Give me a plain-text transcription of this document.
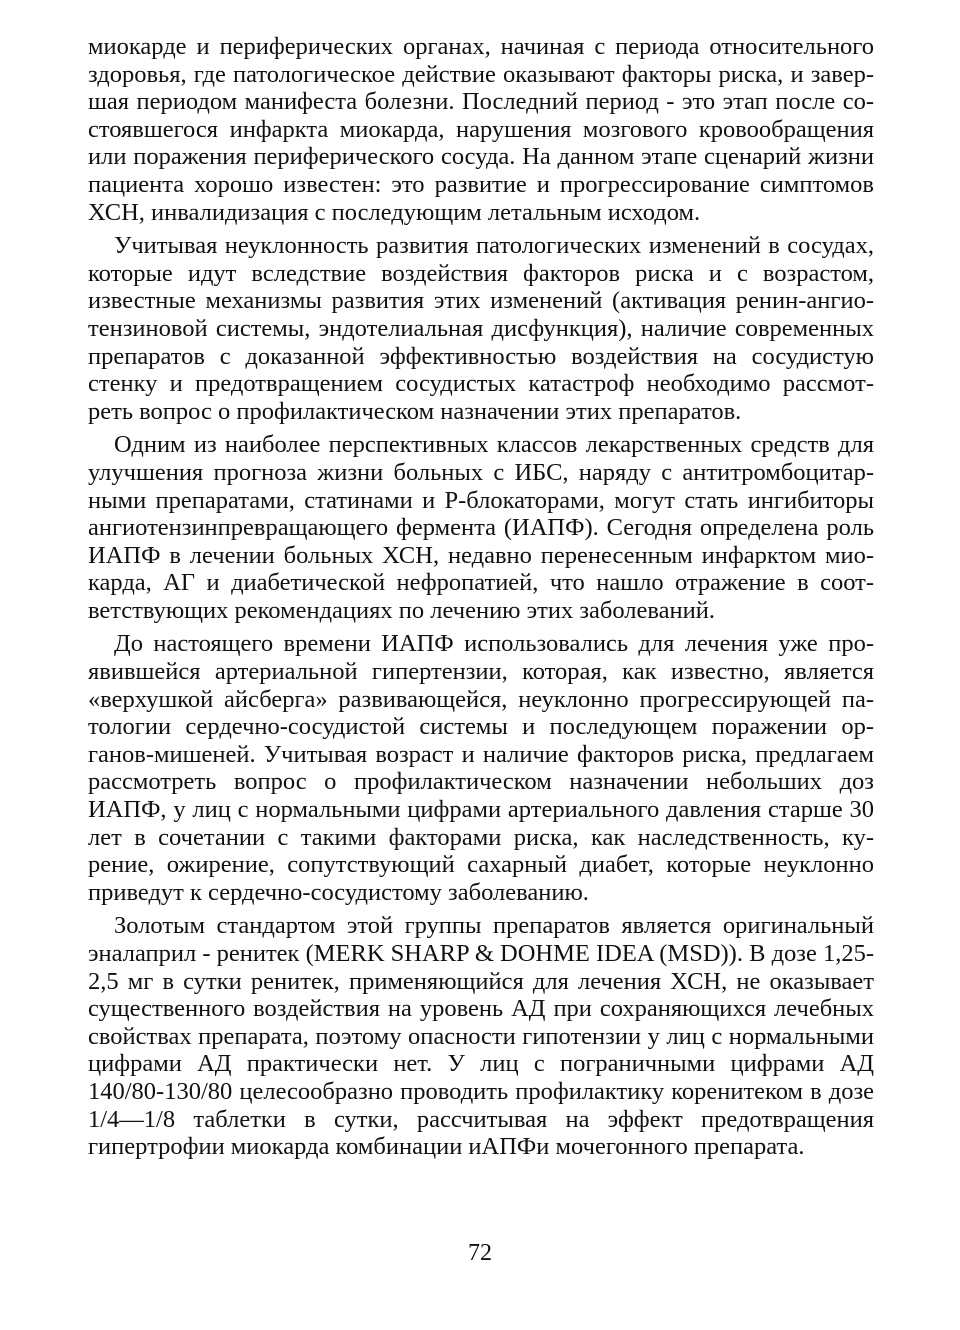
миокарде и периферических органах, начиная с периода относительного здоровья, где патологическое действие оказывают факторы риска, и завершая периодом манифеста болезни. Последний период - это этап после состоявшегося инфаркта миокарда, нарушения мозгового кровообращения или поражения периферического сосуда. На данном этапе сценарий жизни пациента хорошо известен: это развитие и прогрессирование симптомов ХСН, инвалидизация с последующим летальным исходом.

Учитывая неуклонность развития патологических изменений в сосудах, которые идут вследствие воздействия факторов риска и с возрастом, известные механизмы развития этих изменений (активация ренин-ангиотензиновой системы, эндотелиальная дисфункция), наличие современных препаратов с доказанной эффективностью воздействия на сосудистую стенку и предотвращением сосудистых катастроф необходимо рассмотреть вопрос о профилактическом назначении этих препаратов.

Одним из наиболее перспективных классов лекарственных средств для улучшения прогноза жизни больных с ИБС, наряду с антитромбоцитарными препаратами, статинами и Р-блокаторами, могут стать ингибиторы ангиотензинпревращающего фермента (ИАПФ). Сегодня определена роль ИАПФ в лечении больных ХСН, недавно перенесенным инфарктом миокарда, АГ и диабетической нефропатией, что нашло отражение в соответствующих рекомендациях по лечению этих заболеваний.

До настоящего времени ИАПФ использовались для лечения уже проявившейся артериальной гипертензии, которая, как известно, является «верхушкой айсберга» развивающейся, неуклонно прогрессирующей патологии сердечно-сосудистой системы и последующем поражении органов-мишеней. Учитывая возраст и наличие факторов риска, предлагаем рассмотреть вопрос о профилактическом назначении небольших доз ИАПФ, у лиц с нормальными цифрами артериального давления старше 30 лет в сочетании с такими факторами риска, как наследственность, курение, ожирение, сопутствующий сахарный диабет, которые неуклонно приведут к сердечно-сосудистому заболеванию.

Золотым стандартом этой группы препаратов является оригинальный эналаприл - ренитек (MERK SHARP & DOHME IDEA (MSD)). В дозе 1,25-2,5 мг в сутки ренитек, применяющийся для лечения ХСН, не оказывает существенного воздействия на уровень АД при сохраняющихся лечебных свойствах препарата, поэтому опасности гипотензии у лиц с нормальными цифрами АД практически нет. У лиц с пограничными цифрами АД 140/80-130/80 целесообразно проводить профилактику коренитеком в дозе 1/4—1/8 таблетки в сутки, рассчитывая на эффект предотвращения гипертрофии миокарда комбинации иАПФи мочегонного препарата.

72
